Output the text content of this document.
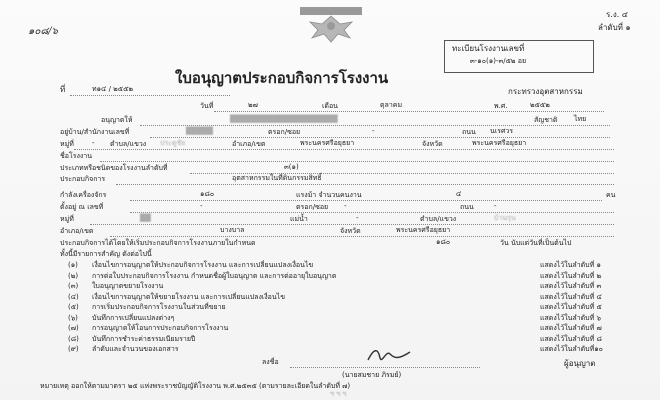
ร.ง. ๔
ลำดับที่ ๑
๑๐๘/๖
ทะเบียนโรงงานเลขที่
๓-๑๐(๑)-๓/๕๒ อย
ใบอนุญาตประกอบกิจการโรงงาน
ที่	ท๑๔ / ๒๕๕๒	กระทรวงอุตสาหกรรม
วันที่	๒๗	เดือน	ตุลาคม	พ.ศ.	๒๕๕๒
อนุญาตให้	████████████████████	สัญชาติ ไทย
อยู่บ้าน/สำนักงานเลขที่	█████	ตรอก/ซอย	-	ถนน นเรศวร
หมู่ที่	- ตำบล/แขวง ประตูชัย	อำเภอ/เขต	พระนครศรีอยุธยา	จังหวัด	พระนครศรีอยุธยา
ชื่อโรงงาน
ประเภทหรือชนิดของโรงงานลำดับที่	๓(๑)
ประกอบกิจการ	อุตสาหกรรมในที่ดินกรรมสิทธิ์
กำลังเครื่องจักร	๑๘๐	แรงม้า จำนวนคนงาน	๔	คน
ตั้งอยู่ ณ เลขที่	-	ตรอก/ซอย -	ถนน	-
หมู่ที่	██	แม่น้ำ	-	ตำบล/แขวง	บ้านรุน
อำเภอ/เขต	บางบาล	จังหวัด	พระนครศรีอยุธยา
ประกอบกิจการได้โดยให้เริ่มประกอบกิจการโรงงานภายในกำหนด	๑๘๐	วัน นับแต่วันที่เป็นต้นไป
ทั้งนี้มีรายการสำคัญ ดังต่อไปนี้
(๑) เงื่อนไขการอนุญาตให้ประกอบกิจการโรงงาน และการเปลี่ยนแปลงเงื่อนไข	แสดงไว้ในลำดับที่ ๑
(๒) การต่อใบประกอบกิจการโรงงาน กำหนดชื่อผู้ใบอนุญาต และการต่ออายุใบอนุญาต	แสดงไว้ในลำดับที่ ๒
(๓) ใบอนุญาตขยายโรงงาน	แสดงไว้ในลำดับที่ ๓
(๔) เงื่อนไขการอนุญาตให้ขยายโรงงาน และการเปลี่ยนแปลงเงื่อนไข	แสดงไว้ในลำดับที่ ๔
(๕) การเริ่มประกอบกิจการโรงงานในส่วนที่ขยาย	แสดงไว้ในลำดับที่ ๕
(๖) บันทึกการเปลี่ยนแปลงต่างๆ	แสดงไว้ในลำดับที่ ๖
(๗) การอนุญาตให้โอนการประกอบกิจการโรงงาน	แสดงไว้ในลำดับที่ ๗
(๘) บันทึกการชำระค่าธรรมเนียมรายปี	แสดงไว้ในลำดับที่ ๘
(๙) ลำดับและจำนวนของเอกสาร	แสดงไว้ในลำดับที่๑๐
ลงชื่อ
(นายสมชาย ภิรมย์)
ผู้อนุญาต
หมายเหตุ ออกให้ตามมาตรา ๒๕ แห่งพระราชบัญญัติโรงงาน พ.ศ.๒๕๓๕ (ตามรายละเอียดในลำดับที่ ๗)
ฯ ฯ ฯ
